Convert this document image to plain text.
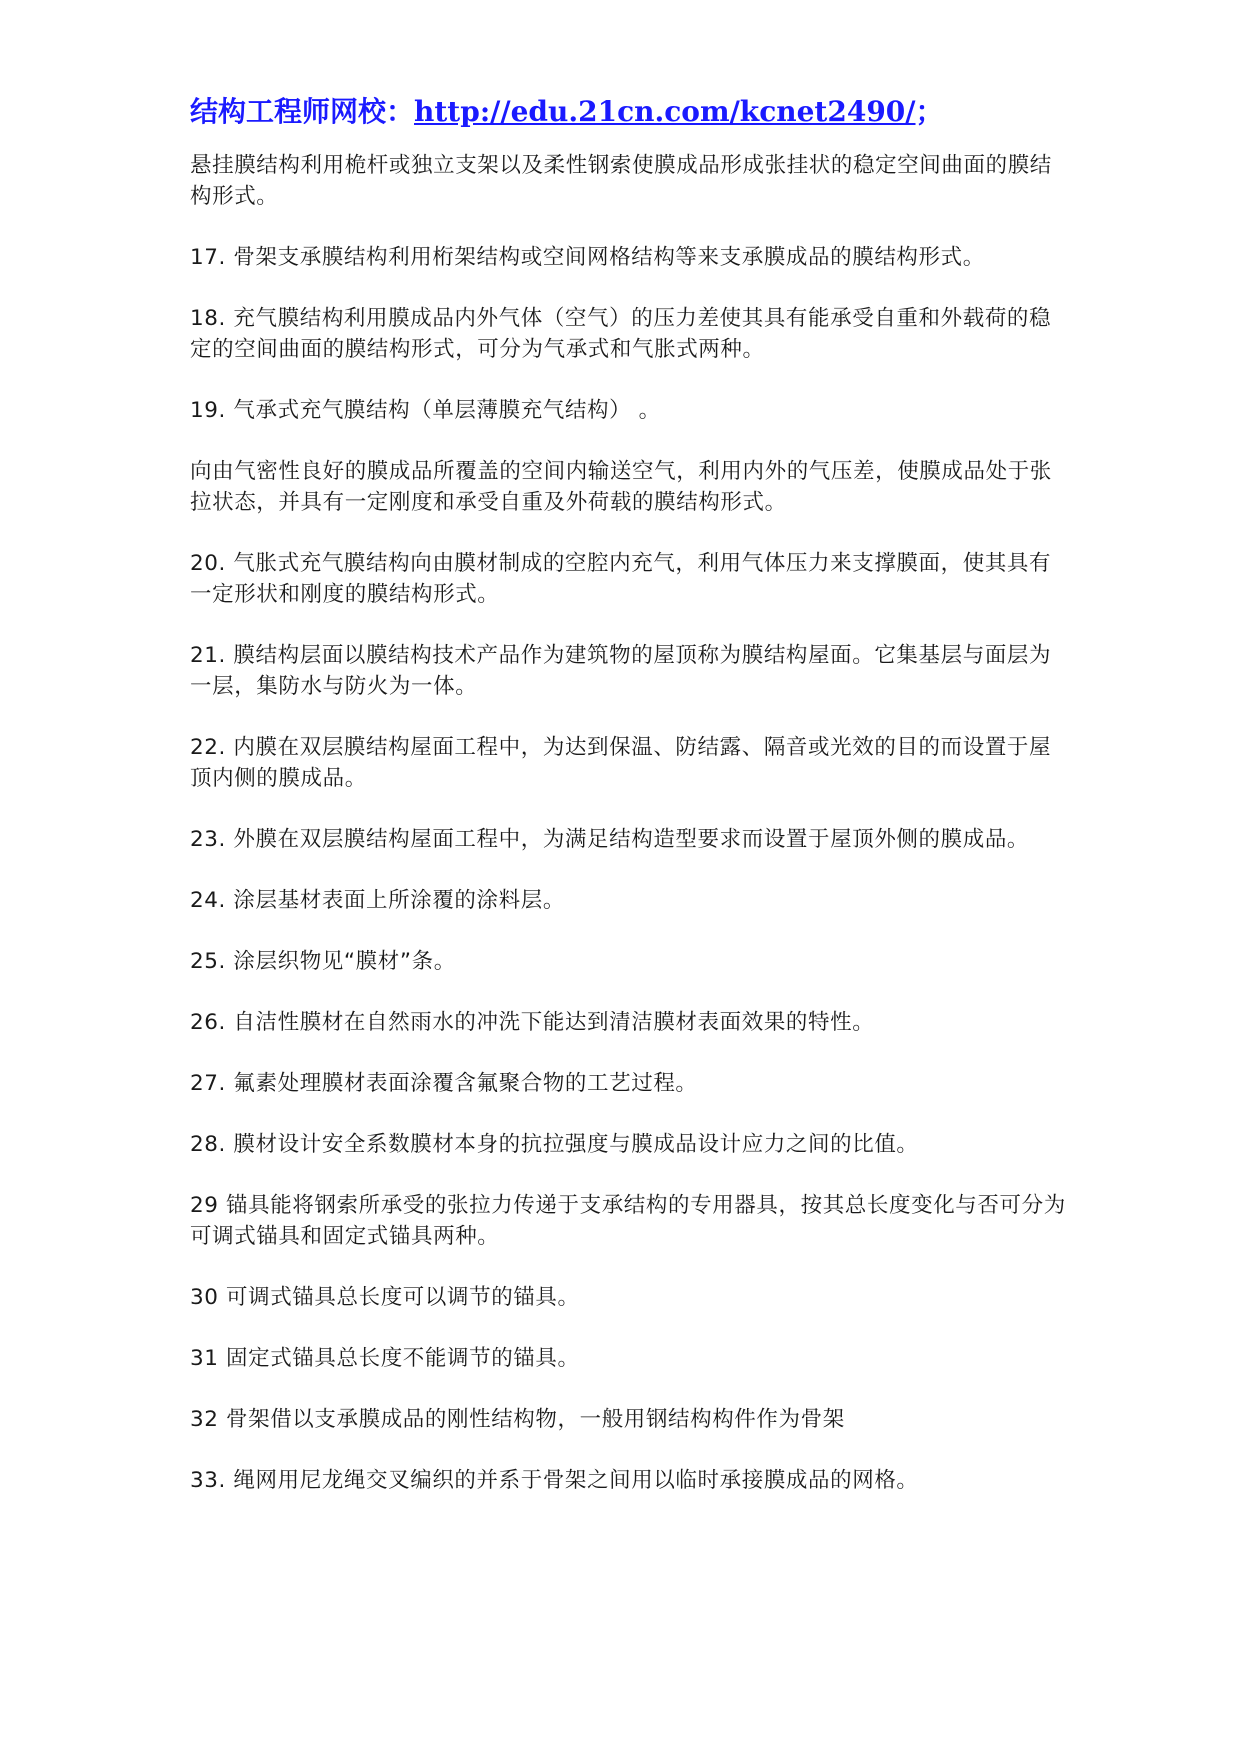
结构工程师网校：http://edu.21cn.com/kcnet2490/；

悬挂膜结构利用桅杆或独立支架以及柔性钢索使膜成品形成张挂状的稳定空间曲面的膜结构形式。

17. 骨架支承膜结构利用桁架结构或空间网格结构等来支承膜成品的膜结构形式。

18. 充气膜结构利用膜成品内外气体（空气）的压力差使其具有能承受自重和外载荷的稳定的空间曲面的膜结构形式，可分为气承式和气胀式两种。

19. 气承式充气膜结构（单层薄膜充气结构） 。

向由气密性良好的膜成品所覆盖的空间内输送空气，利用内外的气压差，使膜成品处于张拉状态，并具有一定刚度和承受自重及外荷载的膜结构形式。

20. 气胀式充气膜结构向由膜材制成的空腔内充气，利用气体压力来支撑膜面，使其具有一定形状和刚度的膜结构形式。

21. 膜结构层面以膜结构技术产品作为建筑物的屋顶称为膜结构屋面。它集基层与面层为一层，集防水与防火为一体。

22. 内膜在双层膜结构屋面工程中，为达到保温、防结露、隔音或光效的目的而设置于屋顶内侧的膜成品。

23. 外膜在双层膜结构屋面工程中，为满足结构造型要求而设置于屋顶外侧的膜成品。

24. 涂层基材表面上所涂覆的涂料层。

25. 涂层织物见“膜材”条。

26. 自洁性膜材在自然雨水的冲洗下能达到清洁膜材表面效果的特性。

27. 氟素处理膜材表面涂覆含氟聚合物的工艺过程。

28. 膜材设计安全系数膜材本身的抗拉强度与膜成品设计应力之间的比值。

29 锚具能将钢索所承受的张拉力传递于支承结构的专用器具，按其总长度变化与否可分为可调式锚具和固定式锚具两种。

30 可调式锚具总长度可以调节的锚具。

31 固定式锚具总长度不能调节的锚具。

32 骨架借以支承膜成品的刚性结构物，一般用钢结构构件作为骨架

33. 绳网用尼龙绳交叉编织的并系于骨架之间用以临时承接膜成品的网格。
